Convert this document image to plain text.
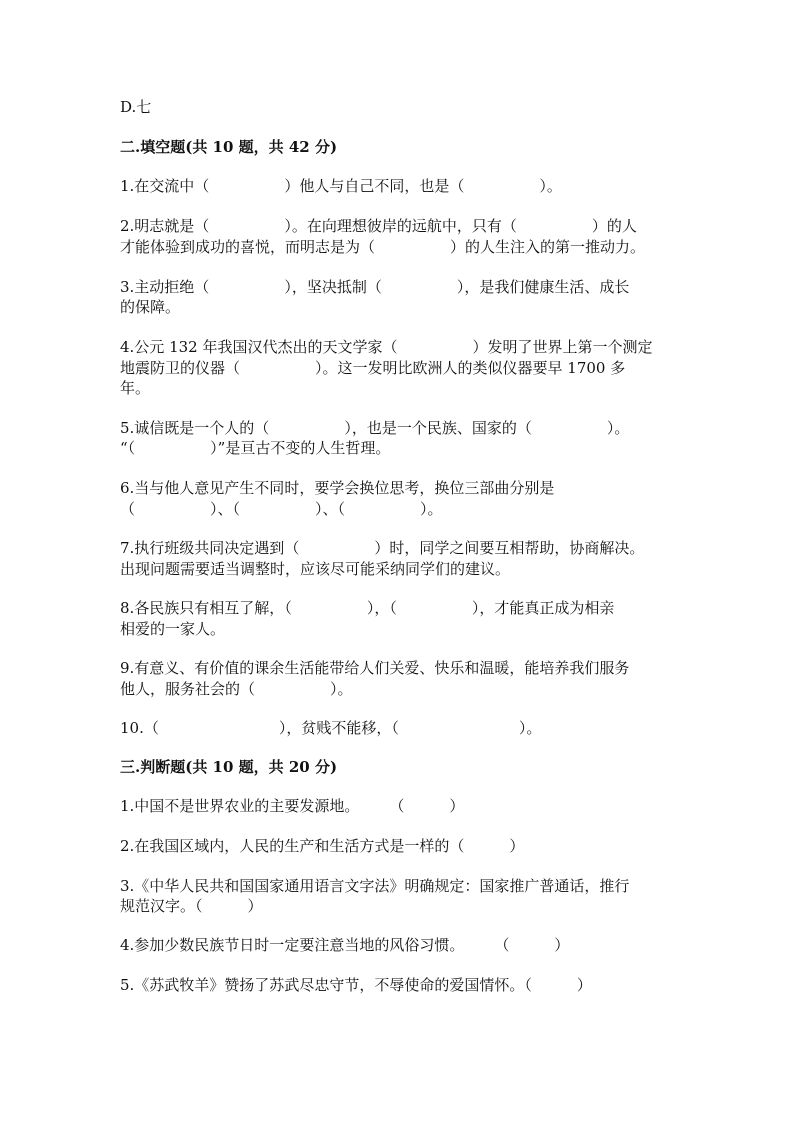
D.七
二.填空题(共 10 题，共 42 分)
1.在交流中（　　　　　）他人与自己不同，也是（　　　　　）。
2.明志就是（　　　　　）。在向理想彼岸的远航中，只有（　　　　　）的人
才能体验到成功的喜悦，而明志是为（　　　　　）的人生注入的第一推动力。
3.主动拒绝（　　　　　），坚决抵制（　　　　　），是我们健康生活、成长
的保障。
4.公元 132 年我国汉代杰出的天文学家（　　　　　）发明了世界上第一个测定
地震防卫的仪器（　　　　　）。这一发明比欧洲人的类似仪器要早 1700 多
年。
5.诚信既是一个人的（　　　　　），也是一个民族、国家的（　　　　　）。
“（　　　　　）”是亘古不变的人生哲理。
6.当与他人意见产生不同时，要学会换位思考，换位三部曲分别是
（　　　　　）、（　　　　　）、（　　　　　）。
7.执行班级共同决定遇到（　　　　　）时，同学之间要互相帮助，协商解决。
出现问题需要适当调整时，应该尽可能采纳同学们的建议。
8.各民族只有相互了解，（　　　　　），（　　　　　），才能真正成为相亲
相爱的一家人。
9.有意义、有价值的课余生活能带给人们关爱、快乐和温暖，能培养我们服务
他人，服务社会的（　　　　　）。
10.（　　　　　　　　），贫贱不能移，（　　　　　　　　）。
三.判断题(共 10 题，共 20 分)
1.中国不是世界农业的主要发源地。　　　（　　　）
2.在我国区域内，人民的生产和生活方式是一样的（　　　）
3.《中华人民共和国国家通用语言文字法》明确规定：国家推广普通话，推行
规范汉字。（　　　）
4.参加少数民族节日时一定要注意当地的风俗习惯。　　　（　　　）
5.《苏武牧羊》赞扬了苏武尽忠守节，不辱使命的爱国情怀。（　　　）
